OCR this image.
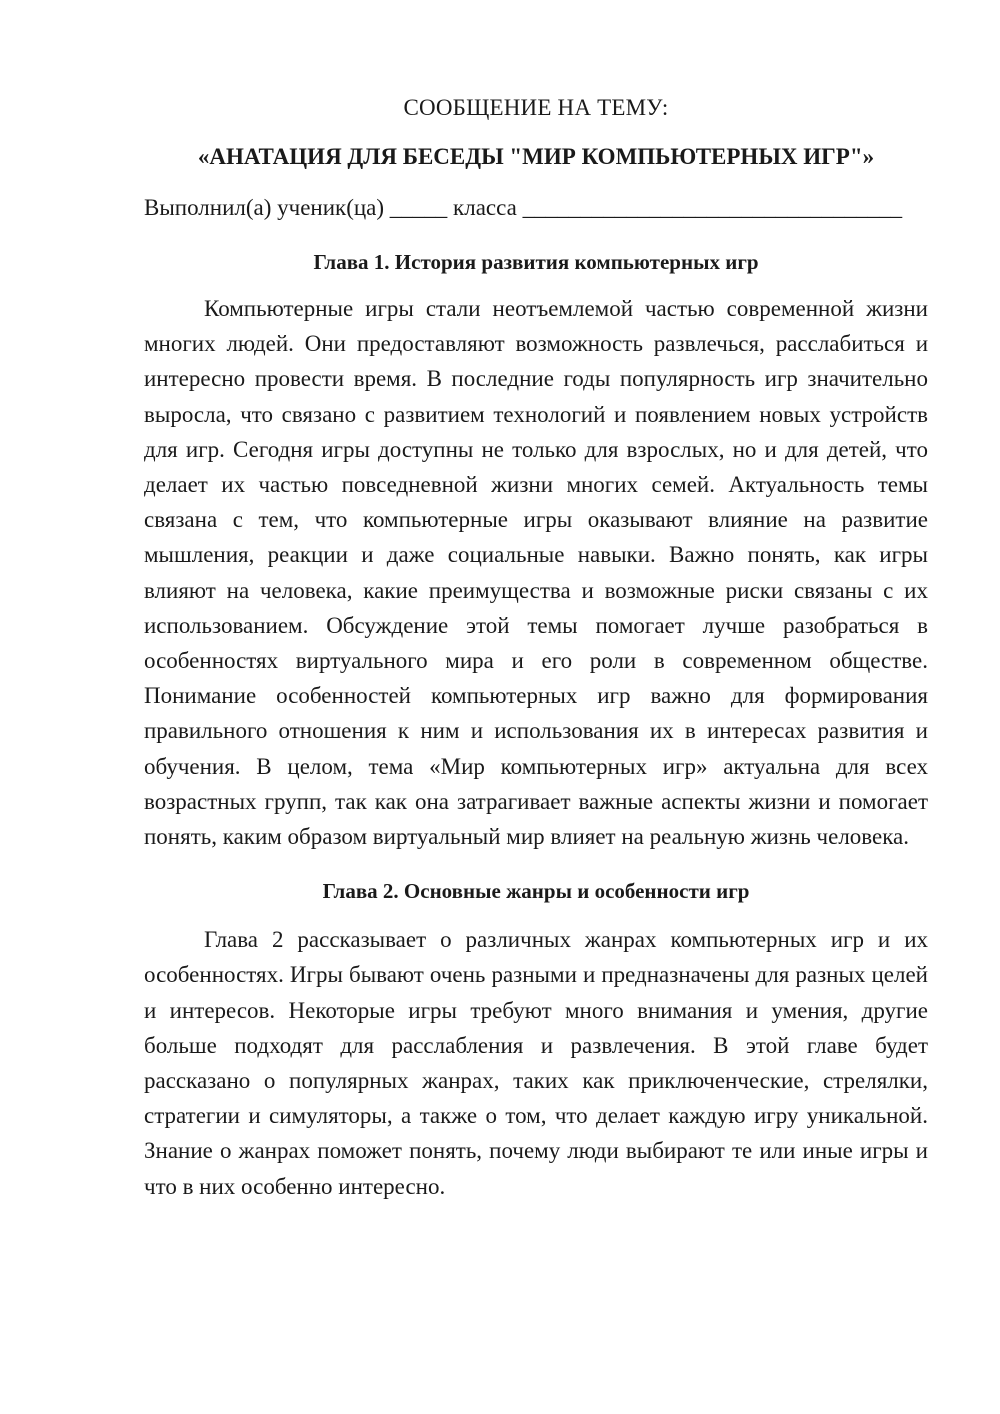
СООБЩЕНИЕ НА ТЕМУ:

«АНАТАЦИЯ ДЛЯ БЕСЕДЫ "МИР КОМПЬЮТЕРНЫХ ИГР"»

Выполнил(а) ученик(ца) _____ класса _________________________________

Глава 1. История развития компьютерных игр

Компьютерные игры стали неотъемлемой частью современной жизни многих людей. Они предоставляют возможность развлечься, расслабиться и интересно провести время. В последние годы популярность игр значительно выросла, что связано с развитием технологий и появлением новых устройств для игр. Сегодня игры доступны не только для взрослых, но и для детей, что делает их частью повседневной жизни многих семей. Актуальность темы связана с тем, что компьютерные игры оказывают влияние на развитие мышления, реакции и даже социальные навыки. Важно понять, как игры влияют на человека, какие преимущества и возможные риски связаны с их использованием. Обсуждение этой темы помогает лучше разобраться в особенностях виртуального мира и его роли в современном обществе. Понимание особенностей компьютерных игр важно для формирования правильного отношения к ним и использования их в интересах развития и обучения. В целом, тема «Мир компьютерных игр» актуальна для всех возрастных групп, так как она затрагивает важные аспекты жизни и помогает понять, каким образом виртуальный мир влияет на реальную жизнь человека.

Глава 2. Основные жанры и особенности игр

Глава 2 рассказывает о различных жанрах компьютерных игр и их особенностях. Игры бывают очень разными и предназначены для разных целей и интересов. Некоторые игры требуют много внимания и умения, другие больше подходят для расслабления и развлечения. В этой главе будет рассказано о популярных жанрах, таких как приключенческие, стрелялки, стратегии и симуляторы, а также о том, что делает каждую игру уникальной. Знание о жанрах поможет понять, почему люди выбирают те или иные игры и что в них особенно интересно.
